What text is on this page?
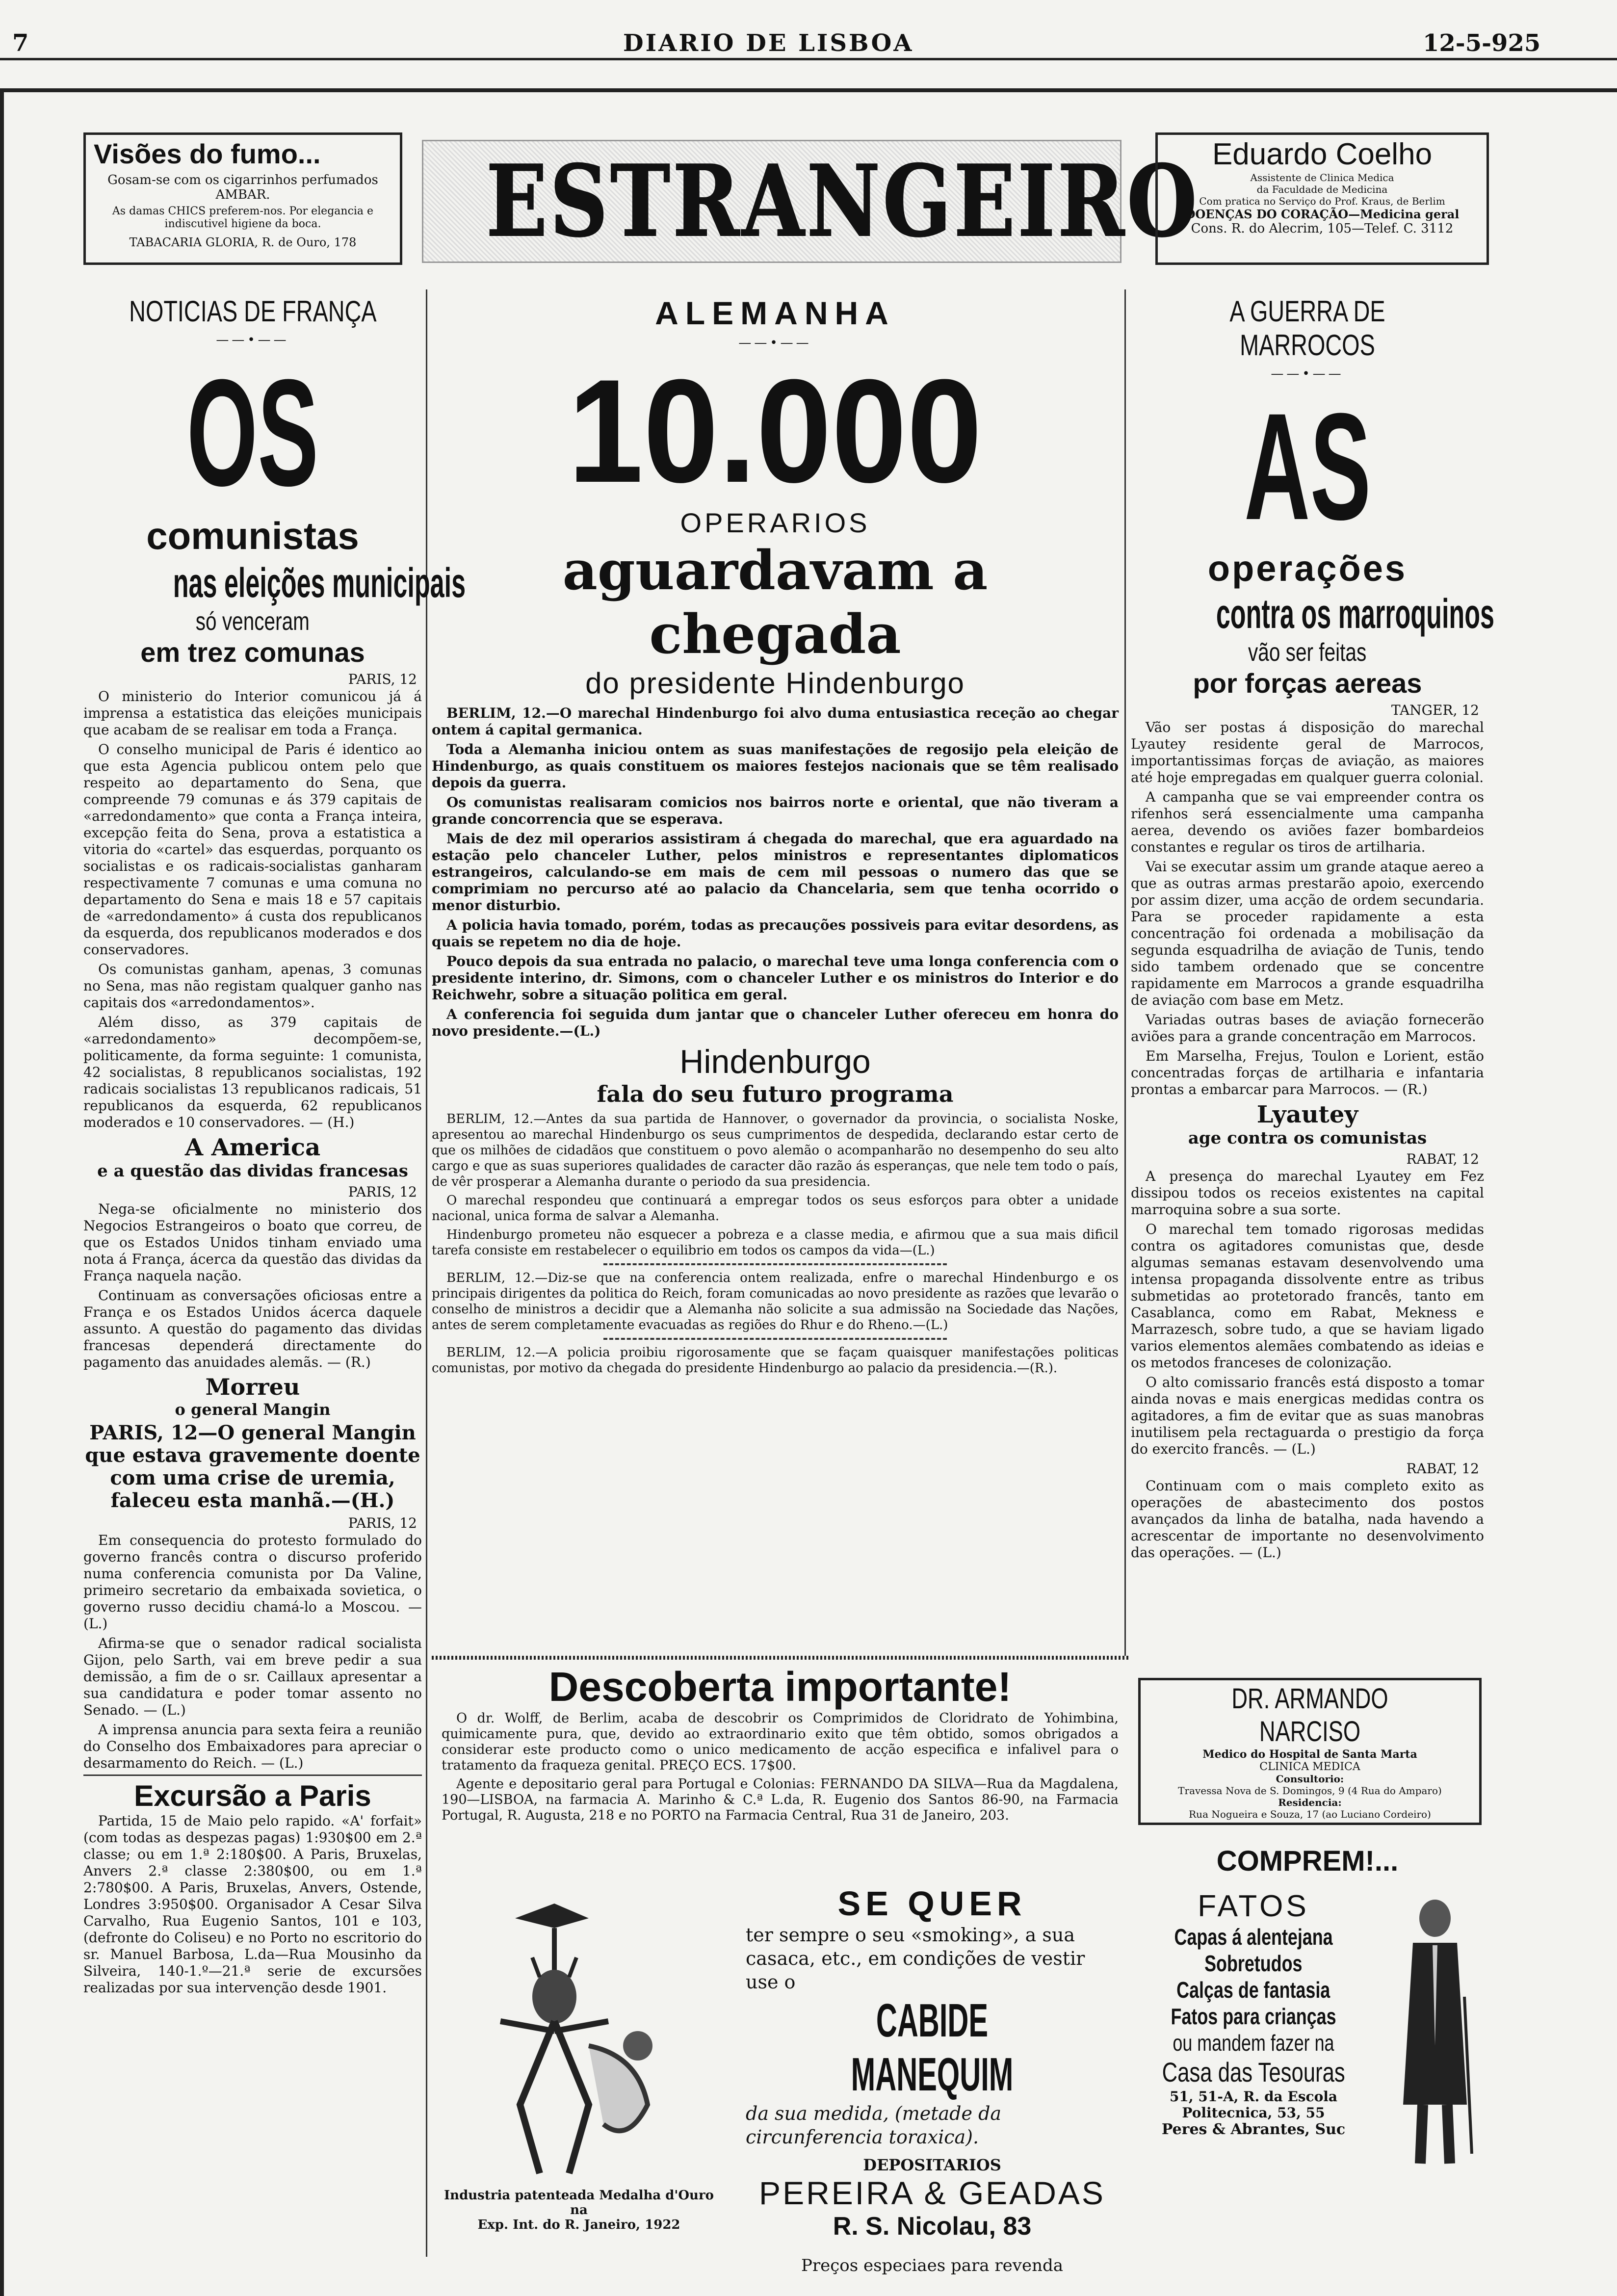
7	DIARIO DE LISBOA	12-5-925
Visões do fumo...
Gosam-se com os cigarrinhos perfumados AMBAR.
As damas CHICS preferem-nos. Por elegancia e indiscutivel higiene da boca.
TABACARIA GLORIA, R. de Ouro, 178	ESTRANGEIRO Eduardo Coelho
Assistente de Clinica Medica
da Faculdade de Medicina
Com pratica no Serviço do Prof. Kraus, de Berlim
DOENÇAS DO CORAÇÃO—Medicina geral
Cons. R. do Alecrim, 105—Telef. C. 3112
NOTICIAS DE FRANÇA
——•——
OS
comunistas
nas eleições municipais
só venceram
em trez comunas
PARIS, 12

O ministerio do Interior comunicou já á imprensa a estatistica das eleições municipais que acabam de se realisar em toda a França.

O conselho municipal de Paris é identico ao que esta Agencia publicou ontem pelo que respeito ao departamento do Sena, que compreende 79 comunas e ás 379 capitais de «arredondamento» que conta a França inteira, excepção feita do Sena, prova a estatistica a vitoria do «cartel» das esquerdas, porquanto os socialistas e os radicais-socialistas ganharam respectivamente 7 comunas e uma comuna no departamento do Sena e mais 18 e 57 capitais de «arredondamento» á custa dos republicanos da esquerda, dos republicanos moderados e dos conservadores.

Os comunistas ganham, apenas, 3 comunas no Sena, mas não registam qualquer ganho nas capitais dos «arredondamentos».

Além disso, as 379 capitais de «arredondamento» decompõem-se, politicamente, da forma seguinte: 1 comunista, 42 socialistas, 8 republicanos socialistas, 192 radicais socialistas 13 republicanos radicais, 51 republicanos da esquerda, 62 republicanos moderados e 10 conservadores. — (H.)

A America
e a questão das dividas francesas
PARIS, 12

Nega-se oficialmente no ministerio dos Negocios Estrangeiros o boato que correu, de que os Estados Unidos tinham enviado uma nota á França, ácerca da questão das dividas da França naquela nação.

Continuam as conversações oficiosas entre a França e os Estados Unidos ácerca daquele assunto. A questão do pagamento das dividas francesas dependerá directamente do pagamento das anuidades alemãs. — (R.)

Morreu
o general Mangin
PARIS, 12—O general Mangin que estava gravemente doente com uma crise de uremia, faleceu esta manhã.—(H.)
PARIS, 12

Em consequencia do protesto formulado do governo francês contra o discurso proferido numa conferencia comunista por Da Valine, primeiro secretario da embaixada sovietica, o governo russo decidiu chamá-lo a Moscou. — (L.)

Afirma-se que o senador radical socialista Gijon, pelo Sarth, vai em breve pedir a sua demissão, a fim de o sr. Caillaux apresentar a sua candidatura e poder tomar assento no Senado. — (L.)

A imprensa anuncia para sexta feira a reunião do Conselho dos Embaixadores para apreciar o desarmamento do Reich. — (L.)

Excursão a Paris

Partida, 15 de Maio pelo rapido. «A' forfait» (com todas as despezas pagas) 1:930$00 em 2.ª classe; ou em 1.ª 2:180$00. A Paris, Bruxelas, Anvers 2.ª classe 2:380$00, ou em 1.ª 2:780$00. A Paris, Bruxelas, Anvers, Ostende, Londres 3:950$00. Organisador A Cesar Silva Carvalho, Rua Eugenio Santos, 101 e 103, (defronte do Coliseu) e no Porto no escritorio do sr. Manuel Barbosa, L.da—Rua Mousinho da Silveira, 140-1.º—21.ª serie de excursões realizadas por sua intervenção desde 1901.

ALEMANHA
——•——
10.000
OPERARIOS
aguardavam a chegada
do presidente Hindenburgo

BERLIM, 12.—O marechal Hindenburgo foi alvo duma entusiastica receção ao chegar ontem á capital germanica.

Toda a Alemanha iniciou ontem as suas manifestações de regosijo pela eleição de Hindenburgo, as quais constituem os maiores festejos nacionais que se têm realisado depois da guerra.

Os comunistas realisaram comicios nos bairros norte e oriental, que não tiveram a grande concorrencia que se esperava.

Mais de dez mil operarios assistiram á chegada do marechal, que era aguardado na estação pelo chanceler Luther, pelos ministros e representantes diplomaticos estrangeiros, calculando-se em mais de cem mil pessoas o numero das que se comprimiam no percurso até ao palacio da Chancelaria, sem que tenha ocorrido o menor disturbio.

A policia havia tomado, porém, todas as precauções possiveis para evitar desordens, as quais se repetem no dia de hoje.

Pouco depois da sua entrada no palacio, o marechal teve uma longa conferencia com o presidente interino, dr. Simons, com o chanceler Luther e os ministros do Interior e do Reichwehr, sobre a situação politica em geral.

A conferencia foi seguida dum jantar que o chanceler Luther ofereceu em honra do novo presidente.—(L.)

Hindenburgo
fala do seu futuro programa

BERLIM, 12.—Antes da sua partida de Hannover, o governador da provincia, o socialista Noske, apresentou ao marechal Hindenburgo os seus cumprimentos de despedida, declarando estar certo de que os milhões de cidadãos que constituem o povo alemão o acompanharão no desempenho do seu alto cargo e que as suas superiores qualidades de caracter dão razão ás esperanças, que nele tem todo o país, de vêr prosperar a Alemanha durante o periodo da sua presidencia.

O marechal respondeu que continuará a empregar todos os seus esforços para obter a unidade nacional, unica forma de salvar a Alemanha.

Hindenburgo prometeu não esquecer a pobreza e a classe media, e afirmou que a sua mais dificil tarefa consiste em restabelecer o equilibrio em todos os campos da vida—(L.)

BERLIM, 12.—Diz-se que na conferencia ontem realizada, enfre o marechal Hindenburgo e os principais dirigentes da politica do Reich, foram comunicadas ao novo presidente as razões que levarão o conselho de ministros a decidir que a Alemanha não solicite a sua admissão na Sociedade das Nações, antes de serem completamente evacuadas as regiões do Rhur e do Rheno.—(L.)

BERLIM, 12.—A policia proibiu rigorosamente que se façam quaisquer manifestações politicas comunistas, por motivo da chegada do presidente Hindenburgo ao palacio da presidencia.—(R.).

Descoberta importante!

O dr. Wolff, de Berlim, acaba de descobrir os Comprimidos de Cloridrato de Yohimbina, quimicamente pura, que, devido ao extraordinario exito que têm obtido, somos obrigados a considerar este producto como o unico medicamento de acção especifica e infalivel para o tratamento da fraqueza genital. PREÇO ECS. 17$00.

Agente e depositario geral para Portugal e Colonias: FERNANDO DA SILVA—Rua da Magdalena, 190—LISBOA, na farmacia A. Marinho & C.ª L.da, R. Eugenio dos Santos 86-90, na Farmacia Portugal, R. Augusta, 218 e no PORTO na Farmacia Central, Rua 31 de Janeiro, 203.

Industria patenteada Medalha d'Ouro na
Exp. Int. do R. Janeiro, 1922
SE QUER
ter sempre o seu «smoking», a sua casaca, etc., em condições de vestir use o
CABIDE MANEQUIM
da sua medida, (metade da circunferencia toraxica).
DEPOSITARIOS
PEREIRA & GEADAS
R. S. Nicolau, 83
Preços especiaes para revenda
A GUERRA DE MARROCOS
——•——
AS
operações
contra os marroquinos
vão ser feitas
por forças aereas
TANGER, 12

Vão ser postas á disposição do marechal Lyautey residente geral de Marrocos, importantissimas forças de aviação, as maiores até hoje empregadas em qualquer guerra colonial.

A campanha que se vai empreender contra os rifenhos será essencialmente uma campanha aerea, devendo os aviões fazer bombardeios constantes e regular os tiros de artilharia.

Vai se executar assim um grande ataque aereo a que as outras armas prestarão apoio, exercendo por assim dizer, uma acção de ordem secundaria. Para se proceder rapidamente a esta concentração foi ordenada a mobilisação da segunda esquadrilha de aviação de Tunis, tendo sido tambem ordenado que se concentre rapidamente em Marrocos a grande esquadrilha de aviação com base em Metz.

Variadas outras bases de aviação fornecerão aviões para a grande concentração em Marrocos.

Em Marselha, Frejus, Toulon e Lorient, estão concentradas forças de artilharia e infantaria prontas a embarcar para Marrocos. — (R.)

Lyautey
age contra os comunistas
RABAT, 12

A presença do marechal Lyautey em Fez dissipou todos os receios existentes na capital marroquina sobre a sua sorte.

O marechal tem tomado rigorosas medidas contra os agitadores comunistas que, desde algumas semanas estavam desenvolvendo uma intensa propaganda dissolvente entre as tribus submetidas ao protetorado francês, tanto em Casablanca, como em Rabat, Mekness e Marrazesch, sobre tudo, a que se haviam ligado varios elementos alemães combatendo as ideias e os metodos franceses de colonização.

O alto comissario francês está disposto a tomar ainda novas e mais energicas medidas contra os agitadores, a fim de evitar que as suas manobras inutilisem pela rectaguarda o prestigio da força do exercito francês. — (L.)

RABAT, 12

Continuam com o mais completo exito as operações de abastecimento dos postos avançados da linha de batalha, nada havendo a acrescentar de importante no desenvolvimento das operações. — (L.)

DR. ARMANDO NARCISO
Medico do Hospital de Santa Marta
CLINICA MEDICA
Consultorio:
Travessa Nova de S. Domingos, 9 (4 Rua do Amparo)
Residencia:
Rua Nogueira e Souza, 17 (ao Luciano Cordeiro)
COMPREM!...
FATOS
Capas á alentejana
Sobretudos
Calças de fantasia
Fatos para crianças
ou mandem fazer na
Casa das Tesouras
51, 51-A, R. da Escola Politecnica, 53, 55
Peres & Abrantes, Suc
